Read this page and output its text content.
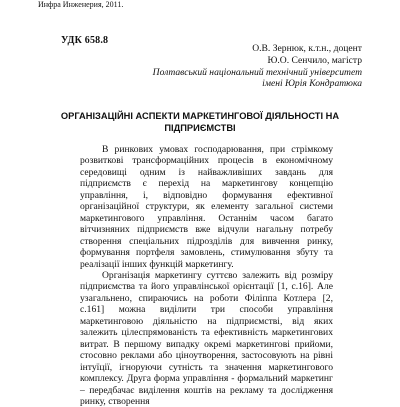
Инфра Инженерия, 2011.
УДК 658.8
О.В. Зернюк, к.т.н., доцент
Ю.О. Сенчило, магістр
Полтавський національний технічний університет
імені Юрія Кондратюка
ОРГАНІЗАЦІЙНІ АСПЕКТИ МАРКЕТИНГОВОЇ ДІЯЛЬНОСТІ НА
ПІДПРИЄМСТВІ

В ринкових умовах господарювання, при стрімкому розвиткові трансформаційних процесів в економічному середовищі одним із найважливіших завдань для підприємств є перехід на маркетингову концепцію управління, і, відповідно формування ефективної організаційної структури, як елементу загальної системи маркетингового управління. Останнім часом багато вітчизняних підприємств вже відчули нагальну потребу створення спеціальних підрозділів для вивчення ринку, формування портфеля замовлень, стимулювання збуту та реалізації інших функцій маркетингу.

Організація маркетингу суттєво залежить від розміру підприємства та його управлінської орієнтації [1, с.16]. Але узагальнено, спираючись на роботи Філіппа Котлера [2, с.161] можна виділити три способи управління маркетинговою діяльністю на підприємстві, від яких залежить цілеспрямованість та ефективність маркетингових витрат. В першому випадку окремі маркетингові прийоми, стосовно реклами або ціноутворення, застосовують на рівні інтуїції, ігноруючи сутність та значення маркетингового комплексу. Друга форма управління - формальний маркетинг – передбачає виділення коштів на рекламу та дослідження ринку, створення
